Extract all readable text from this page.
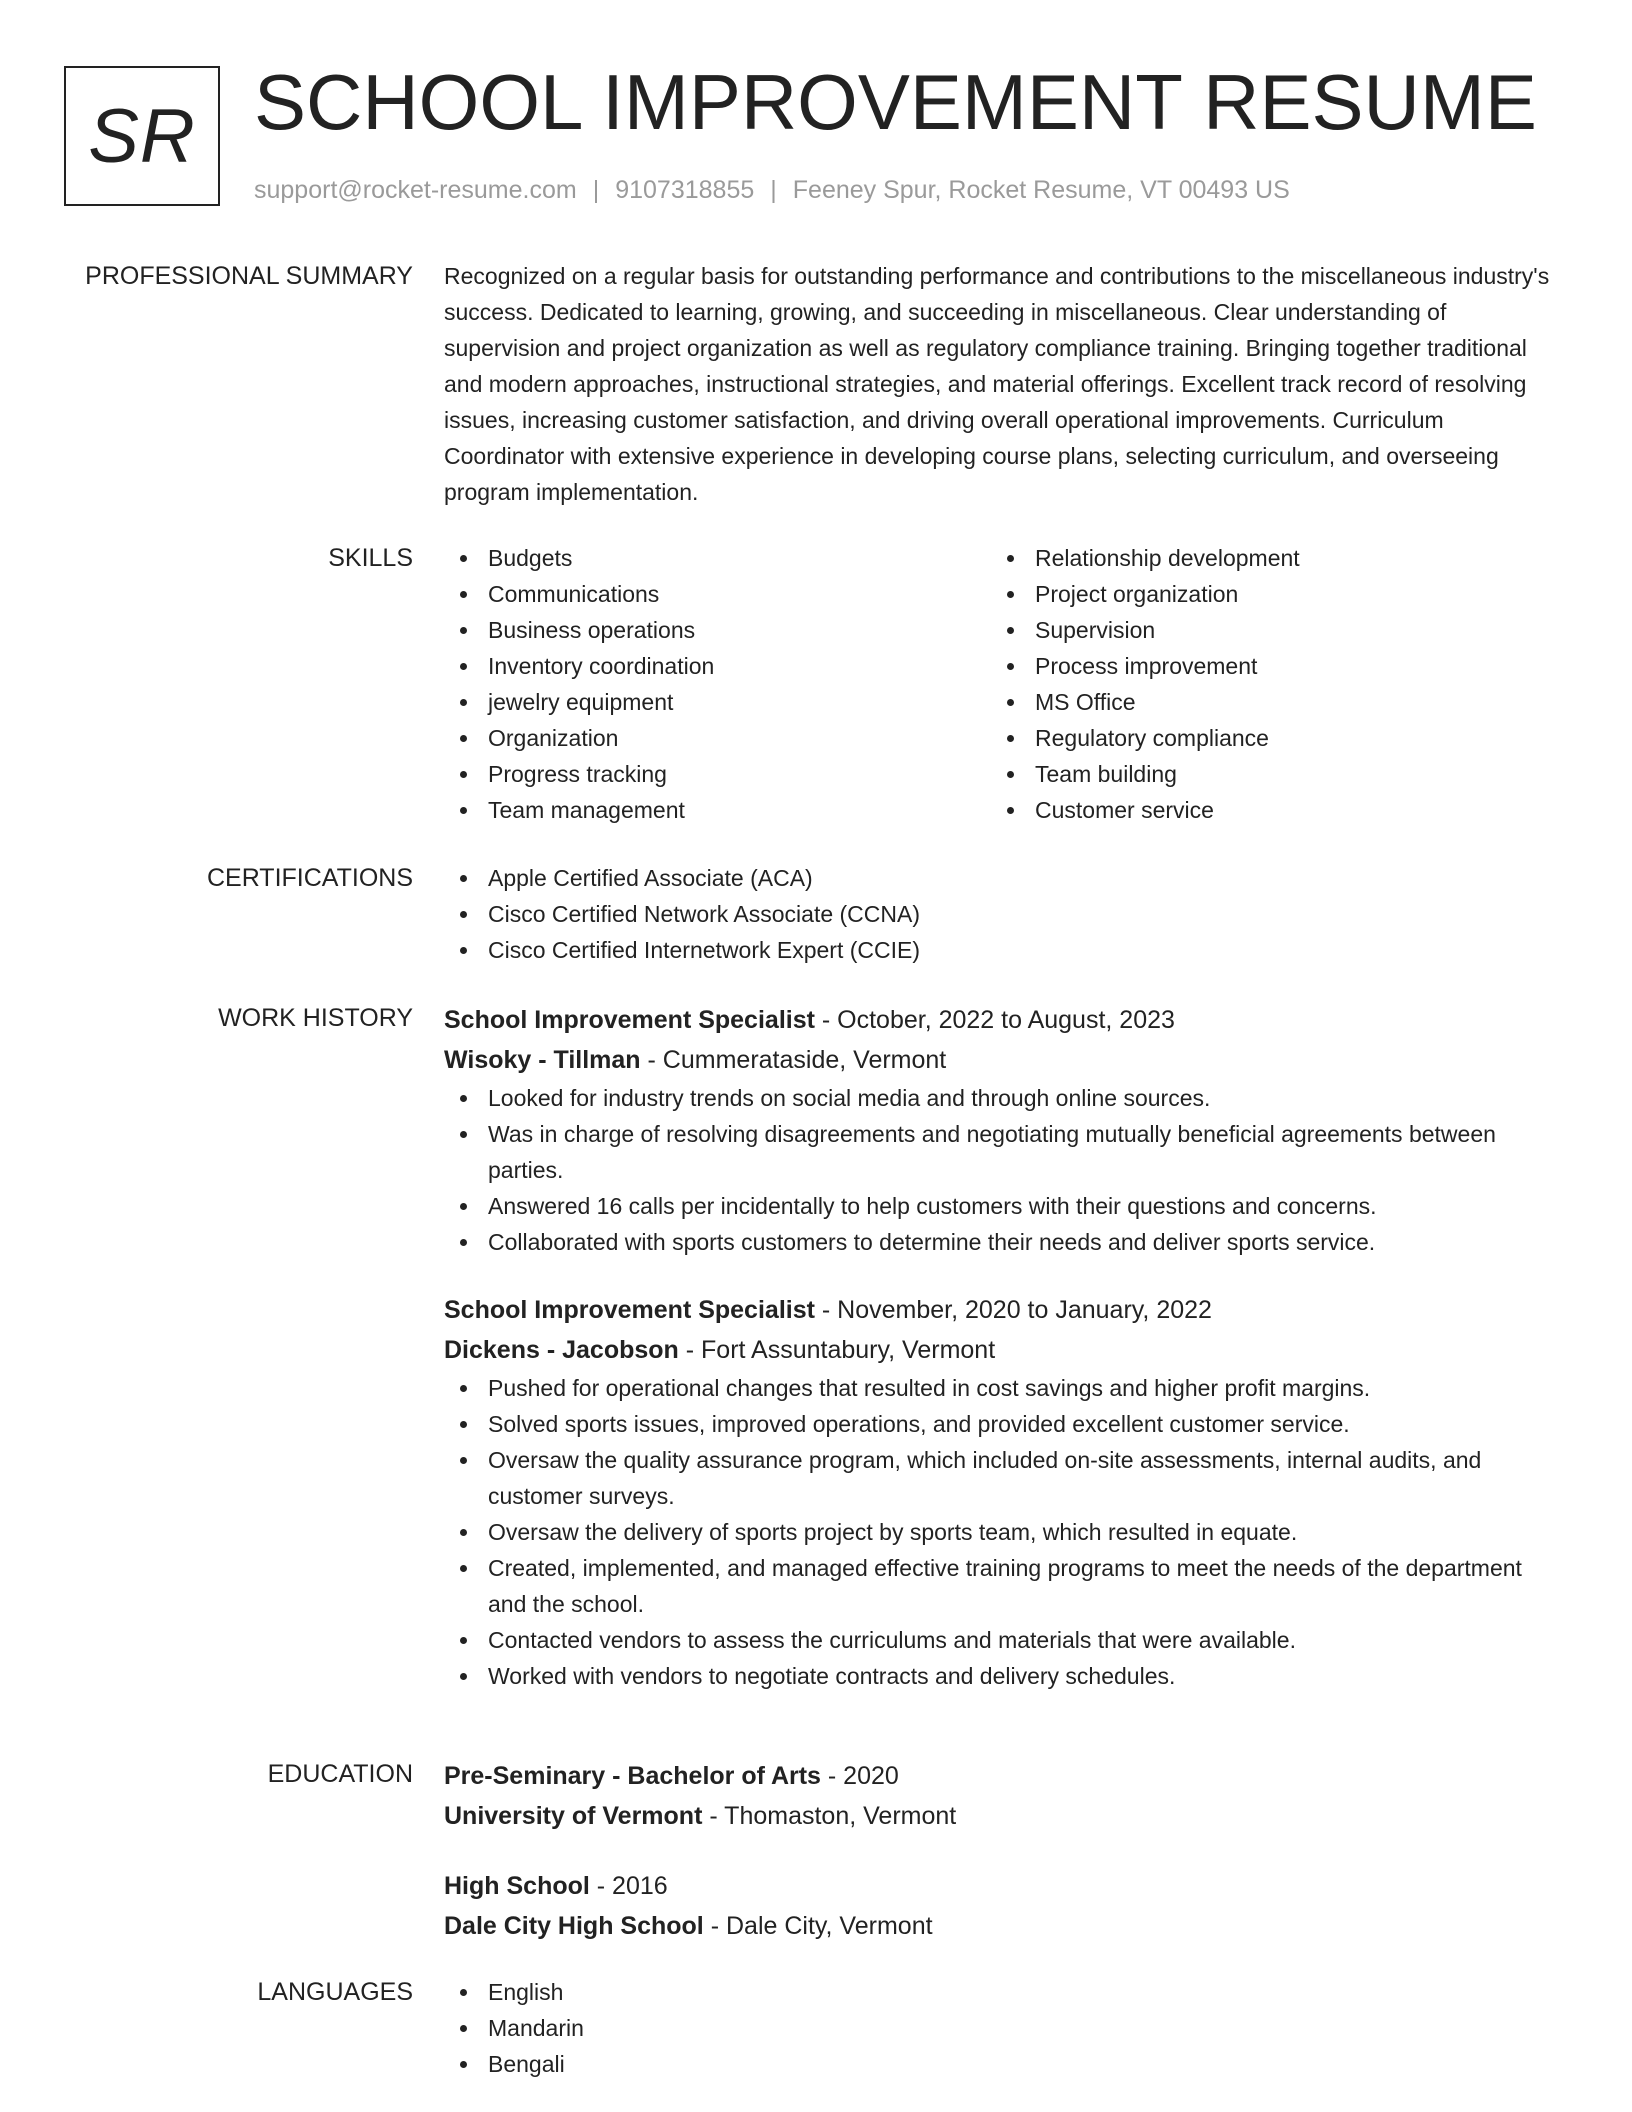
SR SCHOOL IMPROVEMENT RESUME
support@rocket-resume.com | 9107318855 | Feeney Spur, Rocket Resume, VT 00493 US
PROFESSIONAL SUMMARY Recognized on a regular basis for outstanding performance and contributions to the miscellaneous industry's success. Dedicated to learning, growing, and succeeding in miscellaneous. Clear understanding of supervision and project organization as well as regulatory compliance training. Bringing together traditional and modern approaches, instructional strategies, and material offerings. Excellent track record of resolving issues, increasing customer satisfaction, and driving overall operational improvements. Curriculum Coordinator with extensive experience in developing course plans, selecting curriculum, and overseeing program implementation.

SKILLS	Budgets
Communications
Business operations
Inventory coordination
jewelry equipment
Organization
Progress tracking
Team management
Relationship development
Project organization
Supervision
Process improvement
MS Office
Regulatory compliance
Team building
Customer service
CERTIFICATIONS	Apple Certified Associate (ACA)
Cisco Certified Network Associate (CCNA)
Cisco Certified Internetwork Expert (CCIE)
WORK HISTORY School Improvement Specialist - October, 2022 to August, 2023
Wisoky - Tillman - Cummerataside, Vermont
Looked for industry trends on social media and through online sources.
Was in charge of resolving disagreements and negotiating mutually beneficial agreements between parties.
Answered 16 calls per incidentally to help customers with their questions and concerns.
Collaborated with sports customers to determine their needs and deliver sports service.
School Improvement Specialist - November, 2020 to January, 2022
Dickens - Jacobson - Fort Assuntabury, Vermont
Pushed for operational changes that resulted in cost savings and higher profit margins.
Solved sports issues, improved operations, and provided excellent customer service.
Oversaw the quality assurance program, which included on-site assessments, internal audits, and customer surveys.
Oversaw the delivery of sports project by sports team, which resulted in equate.
Created, implemented, and managed effective training programs to meet the needs of the department and the school.
Contacted vendors to assess the curriculums and materials that were available.
Worked with vendors to negotiate contracts and delivery schedules.
EDUCATION Pre-Seminary - Bachelor of Arts - 2020
University of Vermont - Thomaston, Vermont
High School - 2016
Dale City High School - Dale City, Vermont
LANGUAGES	English
Mandarin
Bengali
